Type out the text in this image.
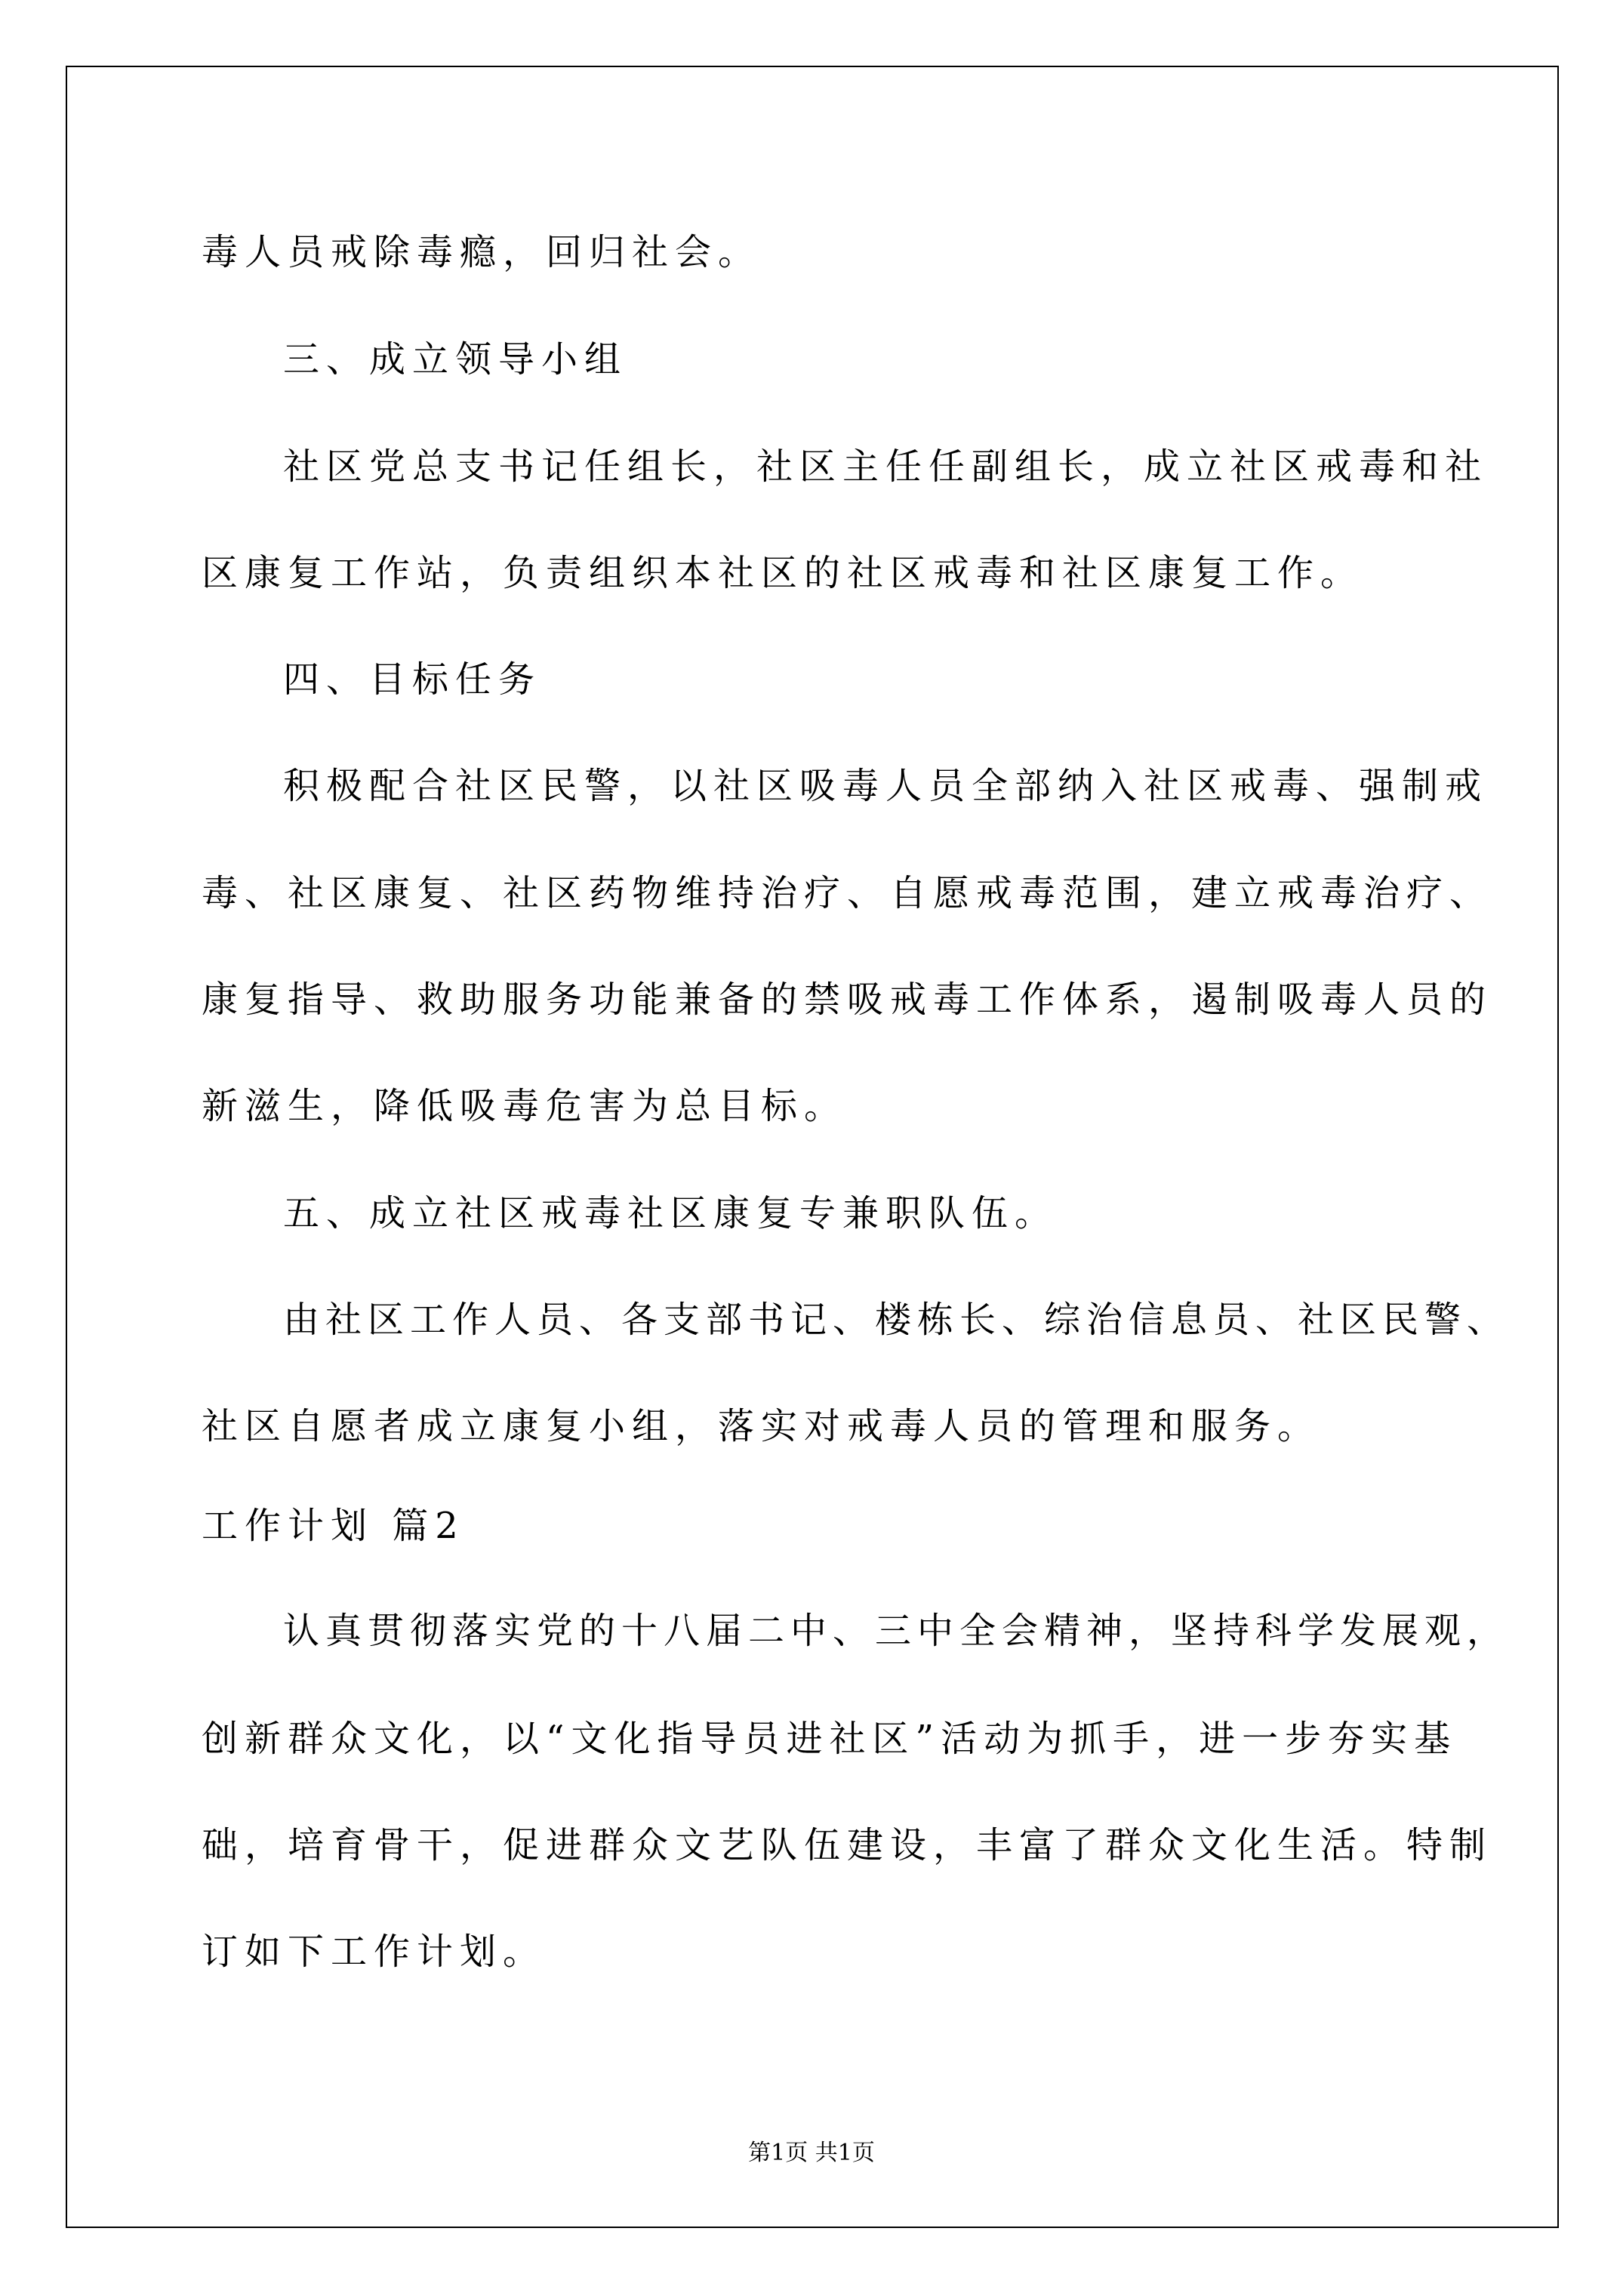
毒人员戒除毒瘾，回归社会。
三、成立领导小组
社区党总支书记任组长，社区主任任副组长，成立社区戒毒和社
区康复工作站，负责组织本社区的社区戒毒和社区康复工作。
四、目标任务
积极配合社区民警，以社区吸毒人员全部纳入社区戒毒、强制戒
毒、社区康复、社区药物维持治疗、自愿戒毒范围，建立戒毒治疗、
康复指导、救助服务功能兼备的禁吸戒毒工作体系，遏制吸毒人员的
新滋生，降低吸毒危害为总目标。
五、成立社区戒毒社区康复专兼职队伍。
由社区工作人员、各支部书记、楼栋长、综治信息员、社区民警、
社区自愿者成立康复小组，落实对戒毒人员的管理和服务。
工作计划 篇2
认真贯彻落实党的十八届二中、三中全会精神，坚持科学发展观，
创新群众文化，以“文化指导员进社区”活动为抓手，进一步夯实基
础，培育骨干，促进群众文艺队伍建设，丰富了群众文化生活。特制
订如下工作计划。
第1页 共1页
